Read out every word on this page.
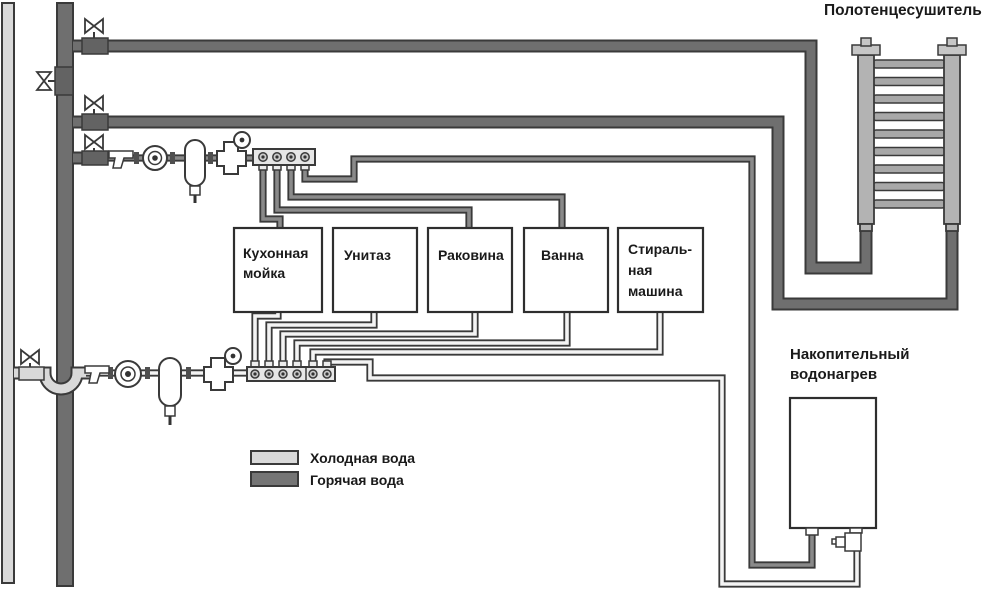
Полотенцесушитель
Накопительный
водонагрев
Кухонная
мойка
Унитаз	Раковина	Ванна	Стираль-
ная
машина
Холодная вода
Горячая вода
